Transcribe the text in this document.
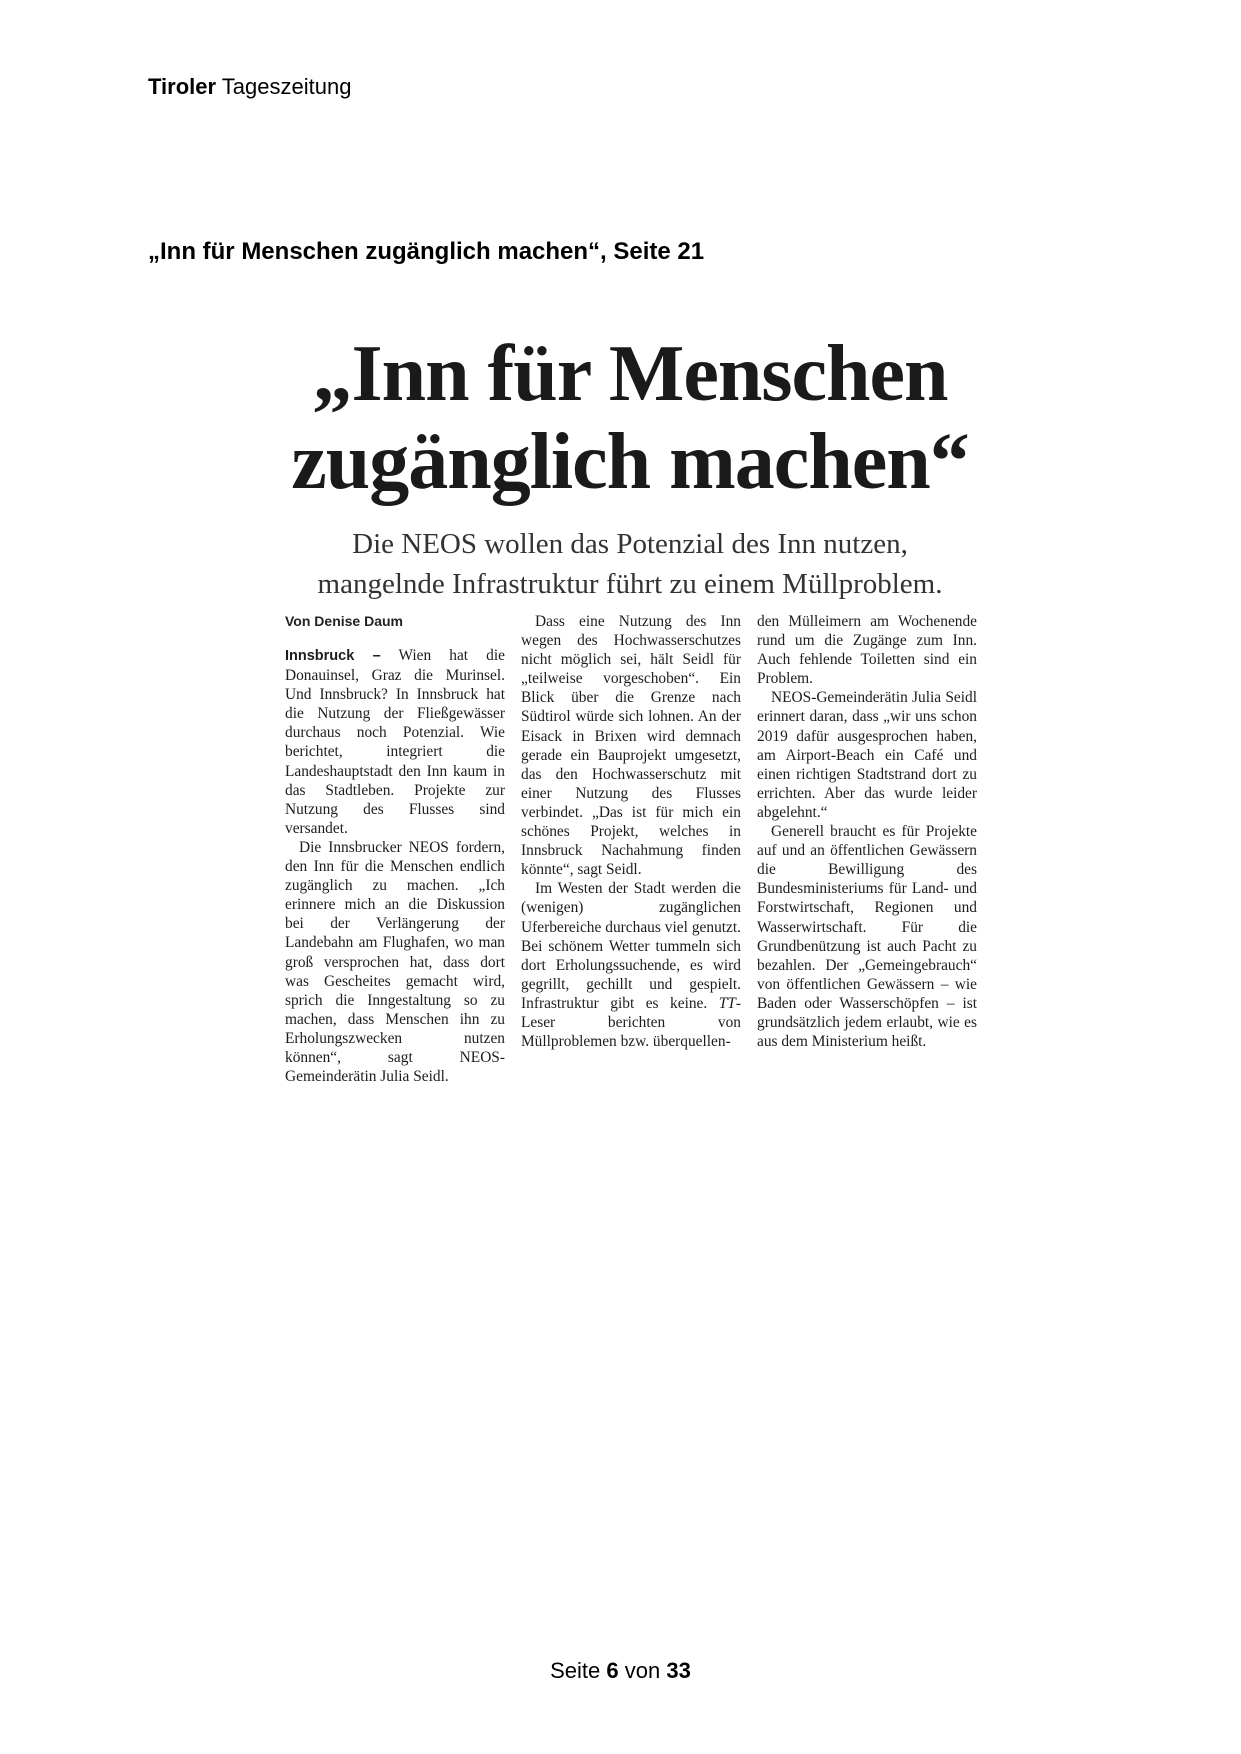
Tiroler Tageszeitung
„Inn für Menschen zugänglich machen“, Seite 21
„Inn für Menschen
zugänglich machen“

Die NEOS wollen das Potenzial des Inn nutzen,
mangelnde Infrastruktur führt zu einem Müllproblem.

Von Denise Daum

Innsbruck – Wien hat die Donauinsel, Graz die Murinsel. Und Innsbruck? In Innsbruck hat die Nutzung der Fließgewässer durchaus noch Potenzial. Wie berichtet, integriert die Landeshauptstadt den Inn kaum in das Stadtleben. Projekte zur Nutzung des Flusses sind versandet.

Die Innsbrucker NEOS fordern, den Inn für die Menschen endlich zugänglich zu machen. „Ich erinnere mich an die Diskussion bei der Verlängerung der Landebahn am Flughafen, wo man groß versprochen hat, dass dort was Gescheites gemacht wird, sprich die Inngestaltung so zu machen, dass Menschen ihn zu Erholungszwecken nutzen können“, sagt NEOS-Gemeinderätin Julia Seidl.

Dass eine Nutzung des Inn wegen des Hochwasserschutzes nicht möglich sei, hält Seidl für „teilweise vorgeschoben“. Ein Blick über die Grenze nach Südtirol würde sich lohnen. An der Eisack in Brixen wird demnach gerade ein Bauprojekt umgesetzt, das den Hochwasserschutz mit einer Nutzung des Flusses verbindet. „Das ist für mich ein schönes Projekt, welches in Innsbruck Nachahmung finden könnte“, sagt Seidl.

Im Westen der Stadt werden die (wenigen) zugänglichen Uferbereiche durchaus viel genutzt. Bei schönem Wetter tummeln sich dort Erholungssuchende, es wird gegrillt, gechillt und gespielt. Infrastruktur gibt es keine. TT-Leser berichten von Müllproblemen bzw. überquellen-

den Mülleimern am Wochenende rund um die Zugänge zum Inn. Auch fehlende Toiletten sind ein Problem.

NEOS-Gemeinderätin Julia Seidl erinnert daran, dass „wir uns schon 2019 dafür ausgesprochen haben, am Airport-Beach ein Café und einen richtigen Stadtstrand dort zu errichten. Aber das wurde leider abgelehnt.“

Generell braucht es für Projekte auf und an öffentlichen Gewässern die Bewilligung des Bundesministeriums für Land- und Forstwirtschaft, Regionen und Wasserwirtschaft. Für die Grundbenützung ist auch Pacht zu bezahlen. Der „Gemeingebrauch“ von öffentlichen Gewässern – wie Baden oder Wasserschöpfen – ist grundsätzlich jedem erlaubt, wie es aus dem Ministerium heißt.

Seite 6 von 33
